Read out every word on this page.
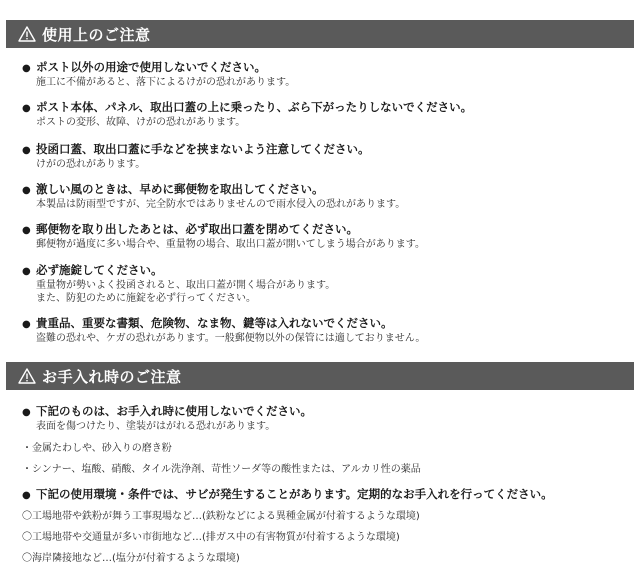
使用上のご注意
● ポスト以外の用途で使用しないでください。
施工に不備があると、落下によるけがの恐れがあります。
● ポスト本体、パネル、取出口蓋の上に乗ったり、ぶら下がったりしないでください。
ポストの変形、故障、けがの恐れがあります。
● 投函口蓋、取出口蓋に手などを挟まないよう注意してください。
けがの恐れがあります。
● 激しい風のときは、早めに郵便物を取出してください。
本製品は防雨型ですが、完全防水ではありませんので雨水侵入の恐れがあります。
● 郵便物を取り出したあとは、必ず取出口蓋を閉めてください。
郵便物が過度に多い場合や、重量物の場合、取出口蓋が開いてしまう場合があります。
● 必ず施錠してください。
重量物が勢いよく投函されると、取出口蓋が開く場合があります。
また、防犯のために施錠を必ず行ってください。
● 貴重品、重要な書類、危険物、なま物、鍵等は入れないでください。
盗難の恐れや、ケガの恐れがあります。一般郵便物以外の保管には適しておりません。
お手入れ時のご注意
● 下記のものは、お手入れ時に使用しないでください。
表面を傷つけたり、塗装がはがれる恐れがあります。
・金属たわしや、砂入りの磨き粉
・シンナー、塩酸、硝酸、タイル洗浄剤、苛性ソーダ等の酸性または、アルカリ性の薬品
● 下記の使用環境・条件では、サビが発生することがあります。定期的なお手入れを行ってください。
〇工場地帯や鉄粉が舞う工事現場など…(鉄粉などによる異種金属が付着するような環境)
〇工場地帯や交通量が多い市街地など…(排ガス中の有害物質が付着するような環境)
〇海岸隣接地など…(塩分が付着するような環境)
